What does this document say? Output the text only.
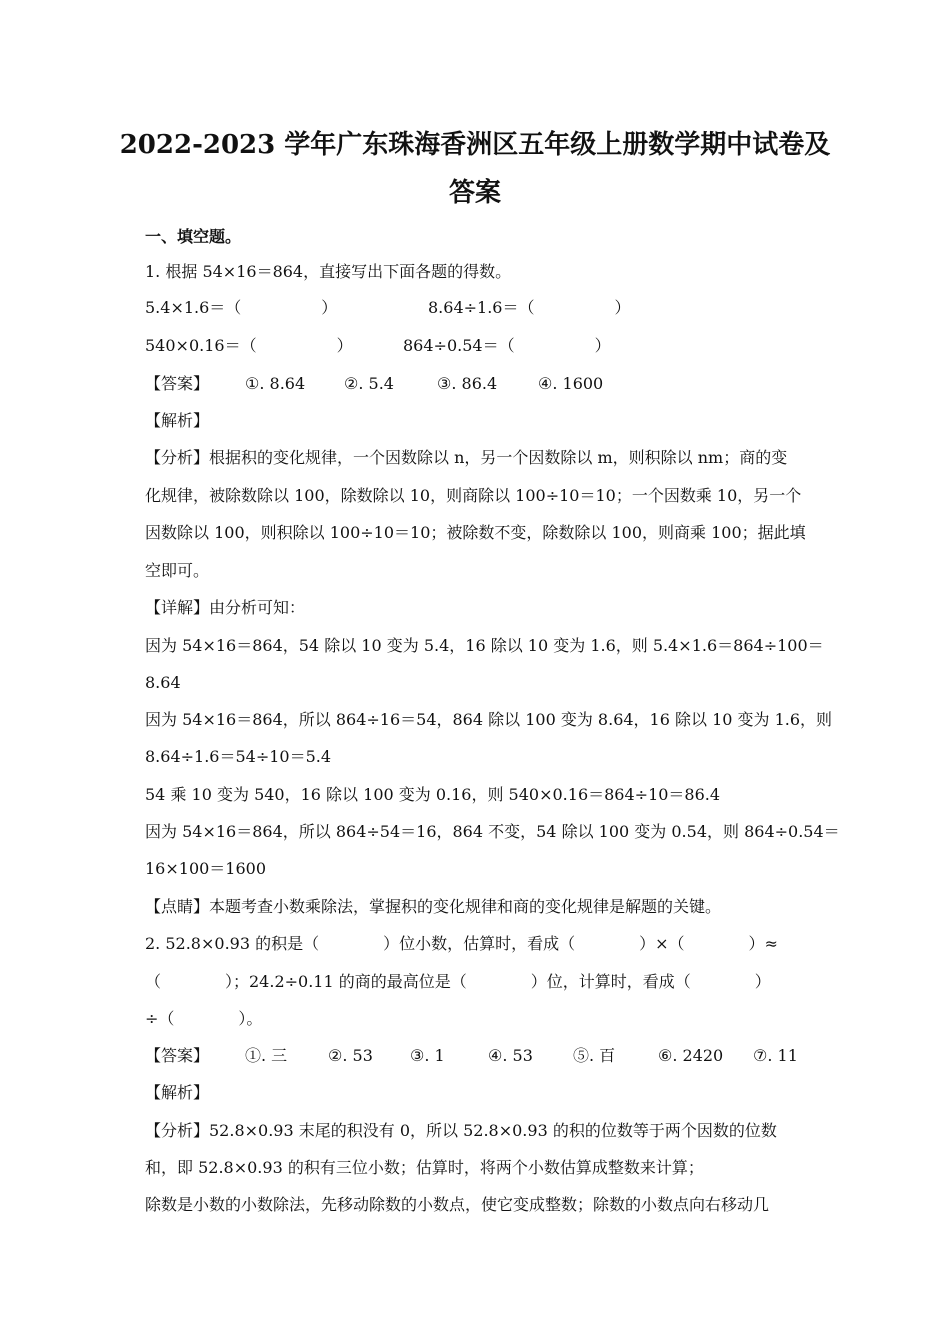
2022-2023 学年广东珠海香洲区五年级上册数学期中试卷及
答案
一、填空题。
1. 根据 54×16＝864，直接写出下面各题的得数。
5.4×1.6＝（　　　　　）	8.64÷1.6＝（　　　　　）
540×0.16＝（　　　　　）	864÷0.54＝（　　　　　）
【答案】 ①. 8.64 ②. 5.4	③. 86.4	④. 1600
【解析】
【分析】根据积的变化规律，一个因数除以 n，另一个因数除以 m，则积除以 nm；商的变
化规律，被除数除以 100，除数除以 10，则商除以 100÷10＝10；一个因数乘 10，另一个
因数除以 100，则积除以 100÷10＝10；被除数不变，除数除以 100，则商乘 100；据此填
空即可。
【详解】由分析可知：
因为 54×16＝864，54 除以 10 变为 5.4，16 除以 10 变为 1.6，则 5.4×1.6＝864÷100＝
8.64
因为 54×16＝864，所以 864÷16＝54，864 除以 100 变为 8.64，16 除以 10 变为 1.6，则
8.64÷1.6＝54÷10＝5.4
54 乘 10 变为 540，16 除以 100 变为 0.16，则 540×0.16＝864÷10＝86.4
因为 54×16＝864，所以 864÷54＝16，864 不变，54 除以 100 变为 0.54，则 864÷0.54＝
16×100＝1600
【点睛】本题考查小数乘除法，掌握积的变化规律和商的变化规律是解题的关键。
2. 52.8×0.93 的积是（　　　　）位小数，估算时，看成（　　　　）×（　　　　）≈
（　　　　）；24.2÷0.11 的商的最高位是（　　　　）位，计算时，看成（　　　　）
÷（　　　　）。
【答案】 ①. 三	②. 53 ③. 1	④. 53	⑤. 百	⑥. 2420 ⑦. 11
【解析】
【分析】52.8×0.93 末尾的积没有 0，所以 52.8×0.93 的积的位数等于两个因数的位数
和，即 52.8×0.93 的积有三位小数；估算时，将两个小数估算成整数来计算；
除数是小数的小数除法，先移动除数的小数点，使它变成整数；除数的小数点向右移动几
